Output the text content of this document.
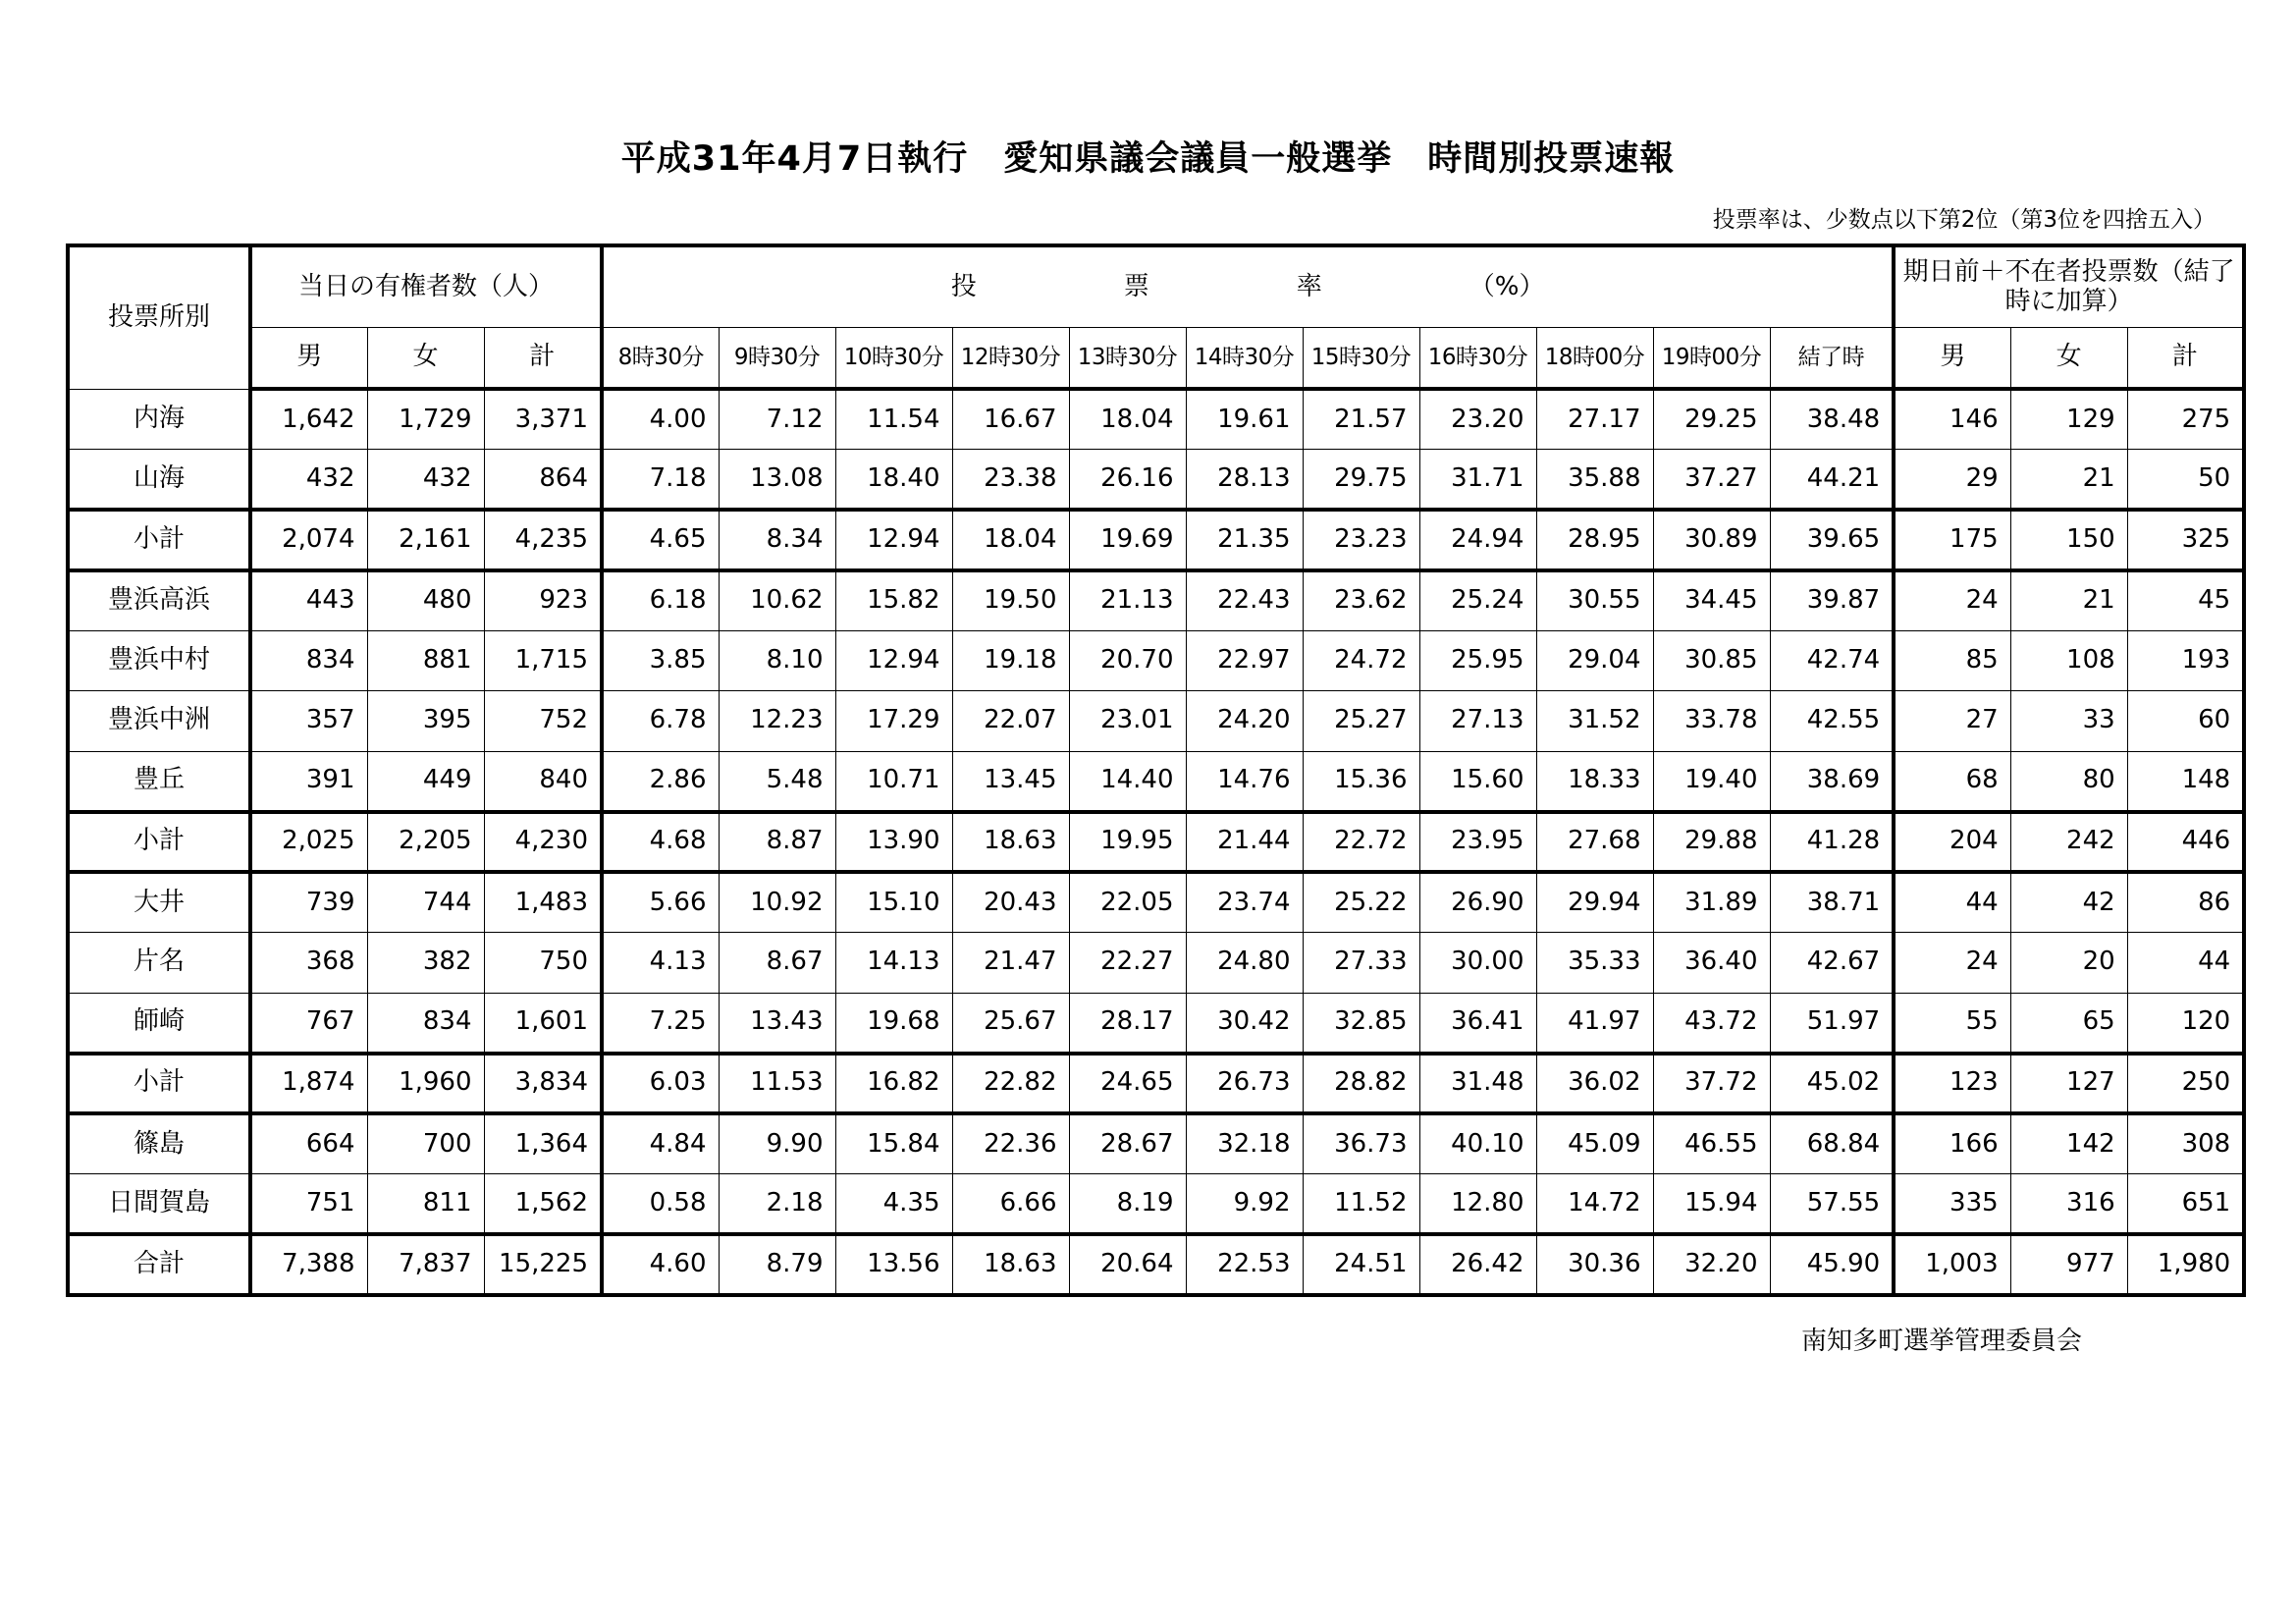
平成31年4月7日執行　愛知県議会議員一般選挙　時間別投票速報
投票率は、少数点以下第2位（第3位を四捨五入）
投票所別	当日の有権者数（人）			投 票 率 （%）											期日前＋不在者投票数（結了時に加算）		
	男	女	計	8時30分	9時30分	10時30分	12時30分	13時30分	14時30分	15時30分	16時30分	18時00分	19時00分	結了時	男	女	計
内海	1,642	1,729	3,371	4.00	7.12	11.54	16.67	18.04	19.61	21.57	23.20	27.17	29.25	38.48	146	129	275
山海	432	432	864	7.18	13.08	18.40	23.38	26.16	28.13	29.75	31.71	35.88	37.27	44.21	29	21	50
小計	2,074	2,161	4,235	4.65	8.34	12.94	18.04	19.69	21.35	23.23	24.94	28.95	30.89	39.65	175	150	325
豊浜高浜	443	480	923	6.18	10.62	15.82	19.50	21.13	22.43	23.62	25.24	30.55	34.45	39.87	24	21	45
豊浜中村	834	881	1,715	3.85	8.10	12.94	19.18	20.70	22.97	24.72	25.95	29.04	30.85	42.74	85	108	193
豊浜中洲	357	395	752	6.78	12.23	17.29	22.07	23.01	24.20	25.27	27.13	31.52	33.78	42.55	27	33	60
豊丘	391	449	840	2.86	5.48	10.71	13.45	14.40	14.76	15.36	15.60	18.33	19.40	38.69	68	80	148
小計	2,025	2,205	4,230	4.68	8.87	13.90	18.63	19.95	21.44	22.72	23.95	27.68	29.88	41.28	204	242	446
大井	739	744	1,483	5.66	10.92	15.10	20.43	22.05	23.74	25.22	26.90	29.94	31.89	38.71	44	42	86
片名	368	382	750	4.13	8.67	14.13	21.47	22.27	24.80	27.33	30.00	35.33	36.40	42.67	24	20	44
師崎	767	834	1,601	7.25	13.43	19.68	25.67	28.17	30.42	32.85	36.41	41.97	43.72	51.97	55	65	120
小計	1,874	1,960	3,834	6.03	11.53	16.82	22.82	24.65	26.73	28.82	31.48	36.02	37.72	45.02	123	127	250
篠島	664	700	1,364	4.84	9.90	15.84	22.36	28.67	32.18	36.73	40.10	45.09	46.55	68.84	166	142	308
日間賀島	751	811	1,562	0.58	2.18	4.35	6.66	8.19	9.92	11.52	12.80	14.72	15.94	57.55	335	316	651
合計	7,388	7,837	15,225	4.60	8.79	13.56	18.63	20.64	22.53	24.51	26.42	30.36	32.20	45.90	1,003	977	1,980
南知多町選挙管理委員会
